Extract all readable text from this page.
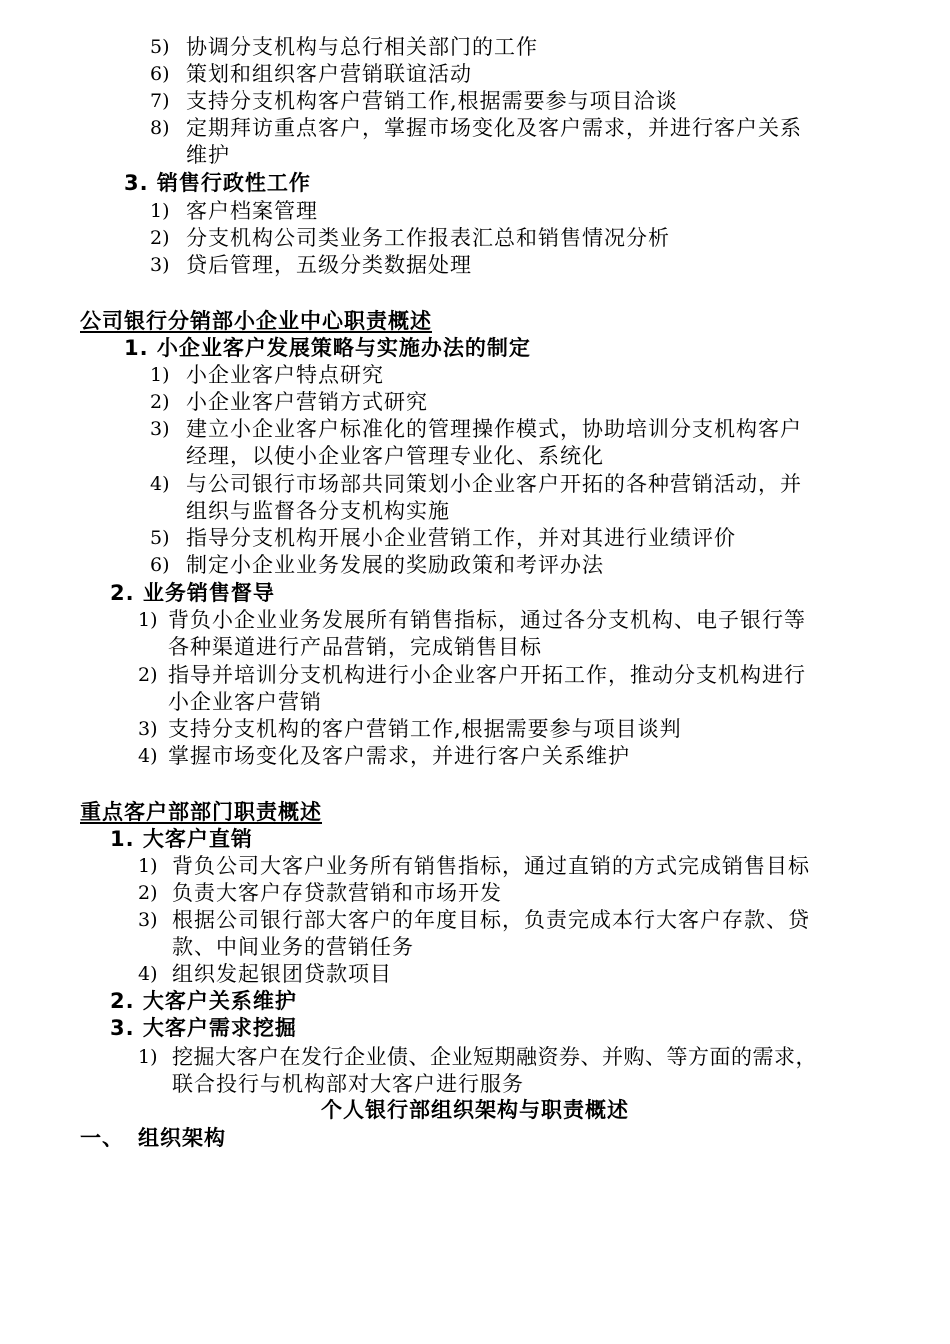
5) 协调分支机构与总行相关部门的工作
6) 策划和组织客户营销联谊活动
7) 支持分支机构客户营销工作,根据需要参与项目洽谈
8) 定期拜访重点客户，掌握市场变化及客户需求，并进行客户关系
维护
3. 销售行政性工作
1) 客户档案管理
2) 分支机构公司类业务工作报表汇总和销售情况分析
3) 贷后管理，五级分类数据处理
公司银行分销部小企业中心职责概述
1. 小企业客户发展策略与实施办法的制定
1) 小企业客户特点研究
2) 小企业客户营销方式研究
3) 建立小企业客户标准化的管理操作模式，协助培训分支机构客户
经理，以使小企业客户管理专业化、系统化
4) 与公司银行市场部共同策划小企业客户开拓的各种营销活动，并
组织与监督各分支机构实施
5) 指导分支机构开展小企业营销工作，并对其进行业绩评价
6) 制定小企业业务发展的奖励政策和考评办法
2. 业务销售督导
1) 背负小企业业务发展所有销售指标，通过各分支机构、电子银行等
各种渠道进行产品营销，完成销售目标
2) 指导并培训分支机构进行小企业客户开拓工作，推动分支机构进行
小企业客户营销
3) 支持分支机构的客户营销工作,根据需要参与项目谈判
4) 掌握市场变化及客户需求，并进行客户关系维护
重点客户部部门职责概述
1. 大客户直销
1) 背负公司大客户业务所有销售指标，通过直销的方式完成销售目标
2) 负责大客户存贷款营销和市场开发
3) 根据公司银行部大客户的年度目标，负责完成本行大客户存款、贷
款、中间业务的营销任务
4) 组织发起银团贷款项目
2. 大客户关系维护
3. 大客户需求挖掘
1) 挖掘大客户在发行企业债、企业短期融资券、并购、等方面的需求，
联合投行与机构部对大客户进行服务
个人银行部组织架构与职责概述
一、 组织架构
